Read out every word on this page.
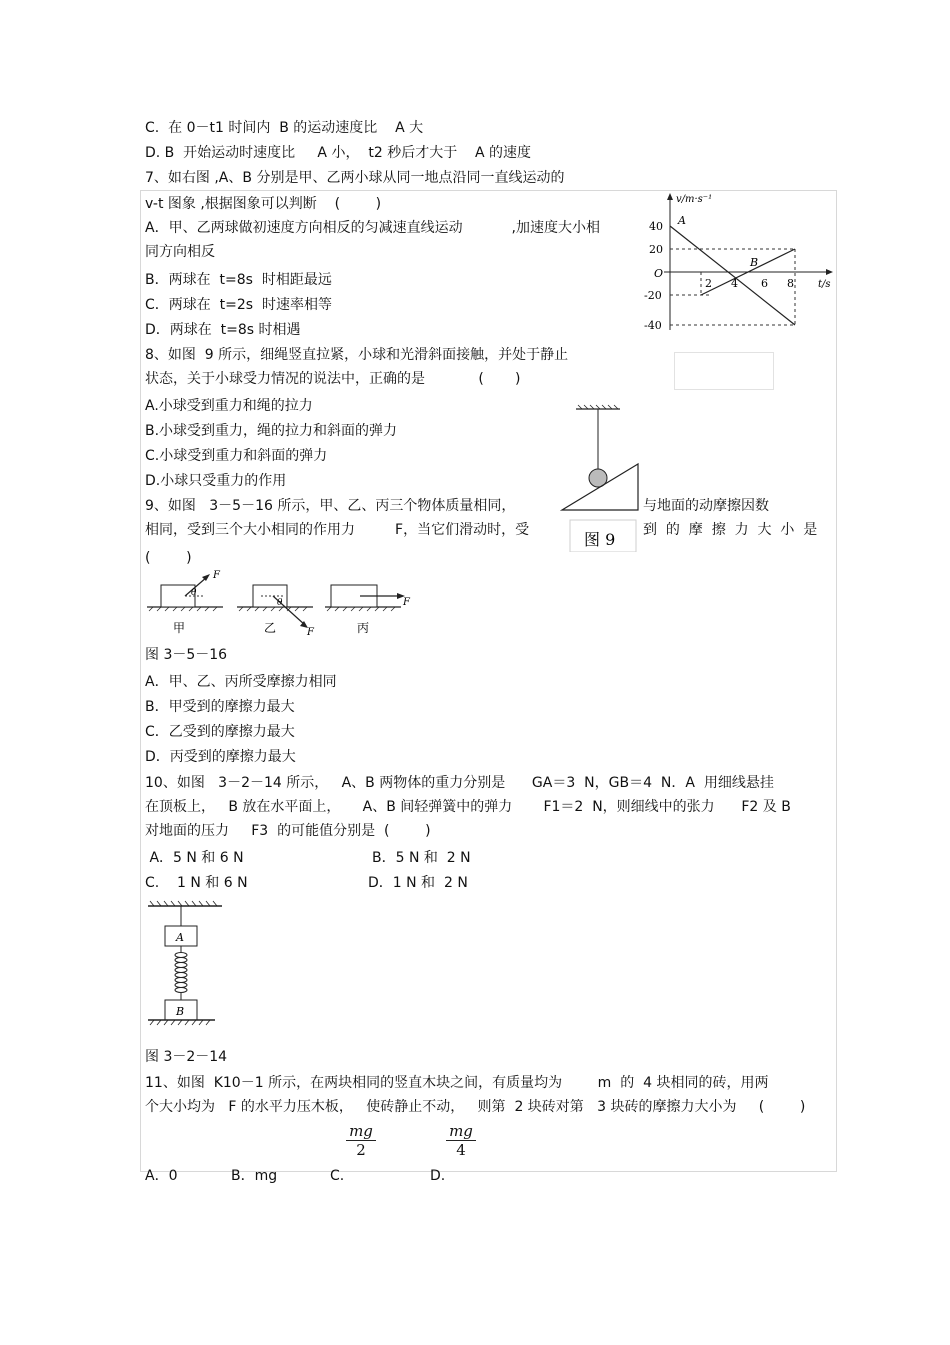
C.  在 0－t1 时间内  B 的运动速度比    A 大
D. B  开始运动时速度比     A 小，  t2 秒后才大于    A 的速度
7、如右图 ,A、B 分别是甲、乙两小球从同一地点沿同一直线运动的
v-t 图象 ,根据图象可以判断    (        )
A．甲、乙两球做初速度方向相反的匀减速直线运动           ,加速度大小相
同方向相反
B．两球在  t=8s  时相距最远
C．两球在  t=2s  时速率相等
D．两球在  t=8s 时相遇
v/m·s⁻¹
t/s
O
40
20
-20
-40
2 4 6 8
A
B
8、如图  9 所示，细绳竖直拉紧，小球和光滑斜面接触，并处于静止
状态，关于小球受力情况的说法中，正确的是            (       )
A.小球受到重力和绳的拉力
B.小球受到重力，绳的拉力和斜面的弹力
C.小球受到重力和斜面的弹力
D.小球只受重力的作用
图 9
9、如图   3－5－16 所示，甲、乙、丙三个物体质量相同，	与地面的动摩擦因数
相同，受到三个大小相同的作用力         F，当它们滑动时，受	到  的  摩  擦  力  大  小  是
(        )
θ
F
甲
θ
F
乙
F
丙
图 3－5－16
A．甲、乙、丙所受摩擦力相同
B．甲受到的摩擦力最大
C．乙受到的摩擦力最大
D．丙受到的摩擦力最大
10、如图   3－2－14 所示，   A、B 两物体的重力分别是      GA＝3  N，GB＝4  N．A  用细线悬挂
在顶板上，   B 放在水平面上，     A、B 间轻弹簧中的弹力       F1＝2  N，则细线中的张力      F2 及 B
对地面的压力     F3  的可能值分别是  (        )
A．5 N 和 6 N	B．5 N 和  2 N
C.    1 N 和 6 N	D．1 N 和  2 N
A
B
图 3－2－14
11、如图  K10－1 所示，在两块相同的竖直木块之间，有质量均为        m  的  4 块相同的砖，用两
个大小均为   F 的水平力压木板，   使砖静止不动，   则第  2 块砖对第   3 块砖的摩擦力大小为     (        )
$\frac{mg}{2}$	$\frac{mg}{4}$
A．0	B．mg	C.	D.
